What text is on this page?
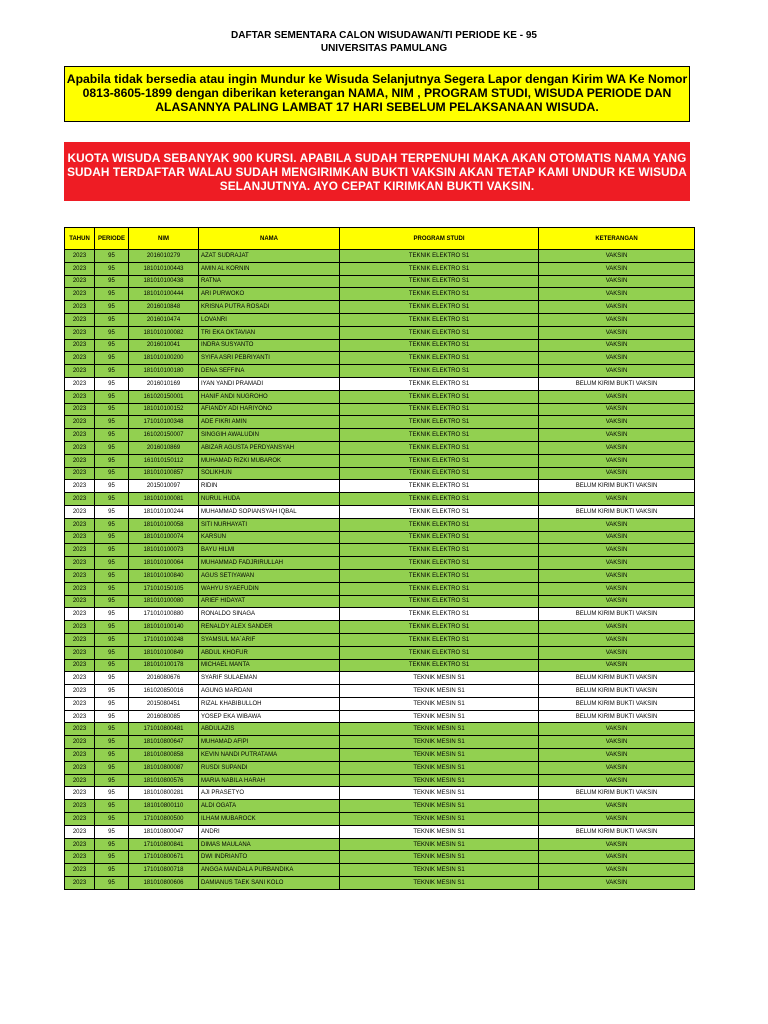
DAFTAR SEMENTARA CALON WISUDAWAN/TI PERIODE KE - 95
UNIVERSITAS PAMULANG
Apabila tidak bersedia atau ingin Mundur ke Wisuda Selanjutnya Segera Lapor dengan Kirim WA Ke Nomor
0813-8605-1899 dengan diberikan keterangan NAMA, NIM , PROGRAM STUDI, WISUDA PERIODE DAN
ALASANNYA PALING LAMBAT 17 HARI SEBELUM PELAKSANAAN WISUDA.
KUOTA WISUDA SEBANYAK 900 KURSI. APABILA SUDAH TERPENUHI MAKA AKAN OTOMATIS NAMA YANG
SUDAH TERDAFTAR WALAU SUDAH MENGIRIMKAN BUKTI VAKSIN AKAN TETAP KAMI UNDUR KE WISUDA
SELANJUTNYA. AYO CEPAT KIRIMKAN BUKTI VAKSIN.
TAHUN	PERIODE	NIM	NAMA	PROGRAM STUDI	KETERANGAN
2023	95	2016010279	AZAT SUDRAJAT	TEKNIK ELEKTRO S1	VAKSIN
2023	95	181010100443	AMIN AL KORNIN	TEKNIK ELEKTRO S1	VAKSIN
2023	95	181010100438	RATNA	TEKNIK ELEKTRO S1	VAKSIN
2023	95	181010100444	ARI PURWOKO	TEKNIK ELEKTRO S1	VAKSIN
2023	95	2016010848	KRISNA PUTRA ROSADI	TEKNIK ELEKTRO S1	VAKSIN
2023	95	2016010474	LOVANRI	TEKNIK ELEKTRO S1	VAKSIN
2023	95	181010100082	TRI EKA OKTAVIAN	TEKNIK ELEKTRO S1	VAKSIN
2023	95	2016010041	INDRA SUSYANTO	TEKNIK ELEKTRO S1	VAKSIN
2023	95	181010100200	SYIFA ASRI PEBRIYANTI	TEKNIK ELEKTRO S1	VAKSIN
2023	95	181010100180	DENA SEFFINA	TEKNIK ELEKTRO S1	VAKSIN
2023	95	2016010169	IYAN YANDI PRAMADI	TEKNIK ELEKTRO S1	BELUM KIRIM BUKTI VAKSIN
2023	95	161020150001	HANIF ANDI NUGROHO	TEKNIK ELEKTRO S1	VAKSIN
2023	95	181010100152	AFIANDY ADI HARIYONO	TEKNIK ELEKTRO S1	VAKSIN
2023	95	171010100348	ADE FIKRI AMIN	TEKNIK ELEKTRO S1	VAKSIN
2023	95	161020150007	SINGGIH AWALUDIN	TEKNIK ELEKTRO S1	VAKSIN
2023	95	2016010869	ABIZAR AGUSTA PERDYANSYAH	TEKNIK ELEKTRO S1	VAKSIN
2023	95	161010150112	MUHAMAD RIZKI MUBAROK	TEKNIK ELEKTRO S1	VAKSIN
2023	95	181010100857	SOLIKHUN	TEKNIK ELEKTRO S1	VAKSIN
2023	95	2015010097	RIDIN	TEKNIK ELEKTRO S1	BELUM KIRIM BUKTI VAKSIN
2023	95	181010100081	NURUL HUDA	TEKNIK ELEKTRO S1	VAKSIN
2023	95	181010100244	MUHAMMAD SOPIANSYAH IQBAL	TEKNIK ELEKTRO S1	BELUM KIRIM BUKTI VAKSIN
2023	95	181010100058	SITI NURHAYATI	TEKNIK ELEKTRO S1	VAKSIN
2023	95	181010100074	KARSUN	TEKNIK ELEKTRO S1	VAKSIN
2023	95	181010100073	BAYU HILMI	TEKNIK ELEKTRO S1	VAKSIN
2023	95	181010100064	MUHAMMAD FADJRIRULLAH	TEKNIK ELEKTRO S1	VAKSIN
2023	95	181010100840	AGUS SETIYAWAN	TEKNIK ELEKTRO S1	VAKSIN
2023	95	171010150105	WAHYU SYAEFUDIN	TEKNIK ELEKTRO S1	VAKSIN
2023	95	181010100080	ARIEF HIDAYAT	TEKNIK ELEKTRO S1	VAKSIN
2023	95	171010100880	RONALDO SINAGA	TEKNIK ELEKTRO S1	BELUM KIRIM BUKTI VAKSIN
2023	95	181010100140	RENALDY ALEX SANDER	TEKNIK ELEKTRO S1	VAKSIN
2023	95	171010100248	SYAMSUL MA`ARIF	TEKNIK ELEKTRO S1	VAKSIN
2023	95	181010100849	ABDUL KHOFUR	TEKNIK ELEKTRO S1	VAKSIN
2023	95	181010100178	MICHAEL MANTA	TEKNIK ELEKTRO S1	VAKSIN
2023	95	2016080676	SYARIF SULAEMAN	TEKNIK MESIN S1	BELUM KIRIM BUKTI VAKSIN
2023	95	161020850016	AGUNG MARDANI	TEKNIK MESIN S1	BELUM KIRIM BUKTI VAKSIN
2023	95	2015080451	RIZAL KHABIBULLOH	TEKNIK MESIN S1	BELUM KIRIM BUKTI VAKSIN
2023	95	2016080085	YOSEP EKA WIBAWA	TEKNIK MESIN S1	BELUM KIRIM BUKTI VAKSIN
2023	95	171010800481	ABDULAZIS	TEKNIK MESIN S1	VAKSIN
2023	95	181010800647	MUHAMAD AFIPI	TEKNIK MESIN S1	VAKSIN
2023	95	181010800858	KEVIN NANDI PUTRATAMA	TEKNIK MESIN S1	VAKSIN
2023	95	181010800087	RUSDI SUPANDI	TEKNIK MESIN S1	VAKSIN
2023	95	181010800576	MARIA NABILA HARAH	TEKNIK MESIN S1	VAKSIN
2023	95	181010800281	AJI PRASETYO	TEKNIK MESIN S1	BELUM KIRIM BUKTI VAKSIN
2023	95	181010800110	ALDI OGATA	TEKNIK MESIN S1	VAKSIN
2023	95	171010800500	ILHAM MUBAROCK	TEKNIK MESIN S1	VAKSIN
2023	95	181010800047	ANDRI	TEKNIK MESIN S1	BELUM KIRIM BUKTI VAKSIN
2023	95	171010800841	DIMAS MAULANA	TEKNIK MESIN S1	VAKSIN
2023	95	171010800671	DWI INDRIANTO	TEKNIK MESIN S1	VAKSIN
2023	95	171010800718	ANGGA MANDALA PURBANDIKA	TEKNIK MESIN S1	VAKSIN
2023	95	181010800606	DAMIANUS TAEK SANI KOLO	TEKNIK MESIN S1	VAKSIN
